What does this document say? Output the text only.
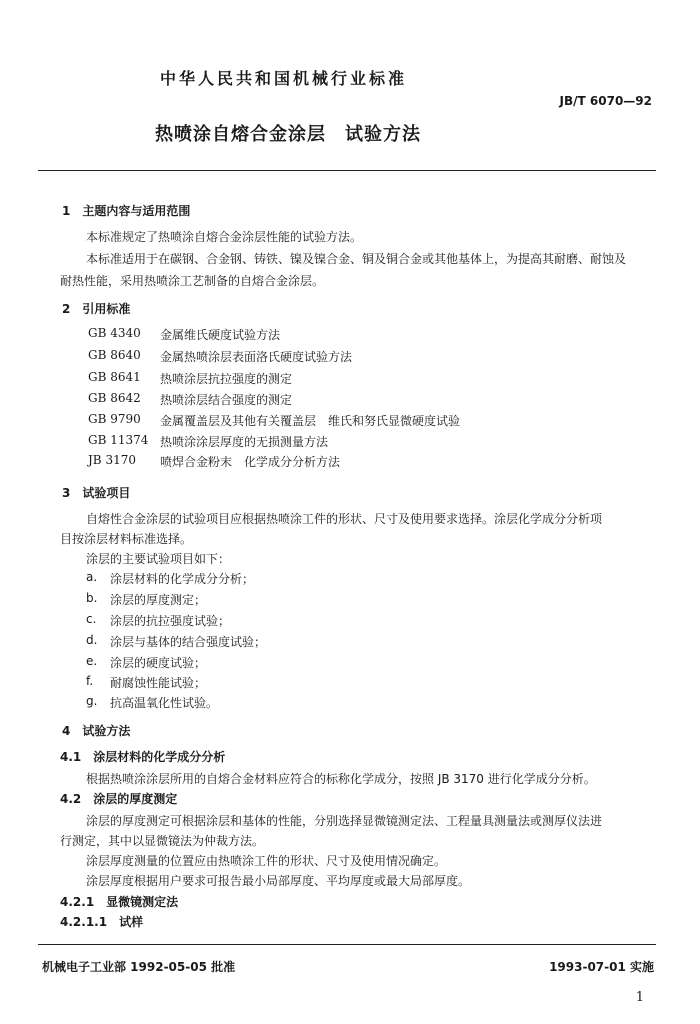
中华人民共和国机械行业标准
JB/T 6070—92
热喷涂自熔合金涂层　试验方法
1　主题内容与适用范围
本标准规定了热喷涂自熔合金涂层性能的试验方法。
本标准适用于在碳钢、合金钢、铸铁、镍及镍合金、铜及铜合金或其他基体上，为提高其耐磨、耐蚀及
耐热性能，采用热喷涂工艺制备的自熔合金涂层。
2　引用标准
GB 4340 金属维氏硬度试验方法
GB 8640 金属热喷涂层表面洛氏硬度试验方法
GB 8641 热喷涂层抗拉强度的测定
GB 8642 热喷涂层结合强度的测定
GB 9790 金属覆盖层及其他有关覆盖层　维氏和努氏显微硬度试验
GB 11374 热喷涂涂层厚度的无损测量方法
JB 3170 喷焊合金粉末　化学成分分析方法
3　试验项目
自熔性合金涂层的试验项目应根据热喷涂工件的形状、尺寸及使用要求选择。涂层化学成分分析项
目按涂层材料标准选择。
涂层的主要试验项目如下：
a. 涂层材料的化学成分分析；
b. 涂层的厚度测定；
c. 涂层的抗拉强度试验；
d. 涂层与基体的结合强度试验；
e. 涂层的硬度试验；
f. 耐腐蚀性能试验；
g. 抗高温氧化性试验。
4　试验方法
4.1　涂层材料的化学成分分析
根据热喷涂涂层所用的自熔合金材料应符合的标称化学成分，按照 JB 3170 进行化学成分分析。
4.2　涂层的厚度测定
涂层的厚度测定可根据涂层和基体的性能，分别选择显微镜测定法、工程量具测量法或测厚仪法进
行测定，其中以显微镜法为仲裁方法。
涂层厚度测量的位置应由热喷涂工件的形状、尺寸及使用情况确定。
涂层厚度根据用户要求可报告最小局部厚度、平均厚度或最大局部厚度。
4.2.1　显微镜测定法
4.2.1.1　试样
机械电子工业部 1992-05-05 批准	1993-07-01 实施
1
